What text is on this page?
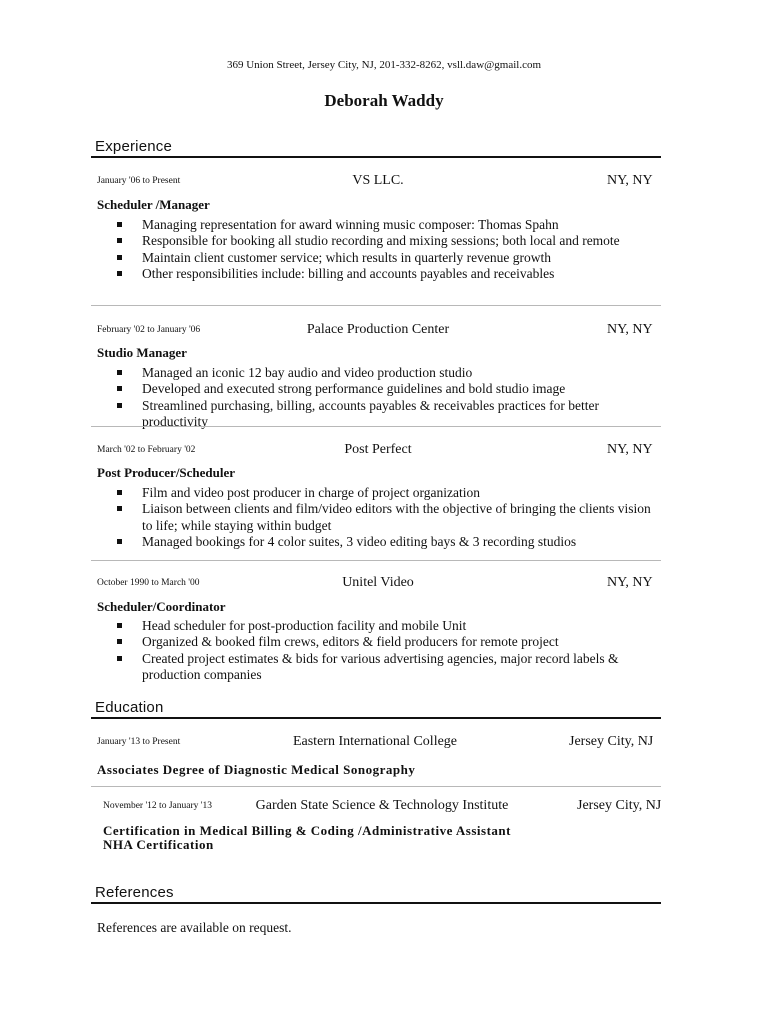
369 Union Street, Jersey City, NJ, 201-332-8262, vsll.daw@gmail.com
Deborah Waddy
Experience
January '06 to Present	VS LLC.	NY, NY
Scheduler /Manager
Managing representation for award winning music composer: Thomas Spahn
Responsible for booking all studio recording and mixing sessions; both local and remote
Maintain client customer service; which results in quarterly revenue growth
Other responsibilities include: billing and accounts payables and receivables
February '02 to January '06	Palace Production Center	NY, NY
Studio Manager
Managed an iconic 12 bay audio and video production studio
Developed and executed strong performance guidelines and bold studio image
Streamlined purchasing, billing, accounts payables & receivables practices for better productivity
March '02 to February '02	Post Perfect	NY, NY
Post Producer/Scheduler
Film and video post producer in charge of project organization
Liaison between clients and film/video editors with the objective of bringing the clients vision to life; while staying within budget
Managed bookings for 4 color suites, 3 video editing bays & 3 recording studios
October 1990 to March '00	Unitel Video	NY, NY
Scheduler/Coordinator
Head scheduler for post-production facility and mobile Unit
Organized & booked film crews, editors & field producers for remote project
Created project estimates & bids for various advertising agencies, major record labels & production companies
Education
January '13 to Present	Eastern International College	Jersey City, NJ
Associates Degree of Diagnostic Medical Sonography
November '12 to January '13	Garden State Science & Technology Institute	Jersey City, NJ
Certification in Medical Billing & Coding /Administrative Assistant
NHA Certification
References
References are available on request.
